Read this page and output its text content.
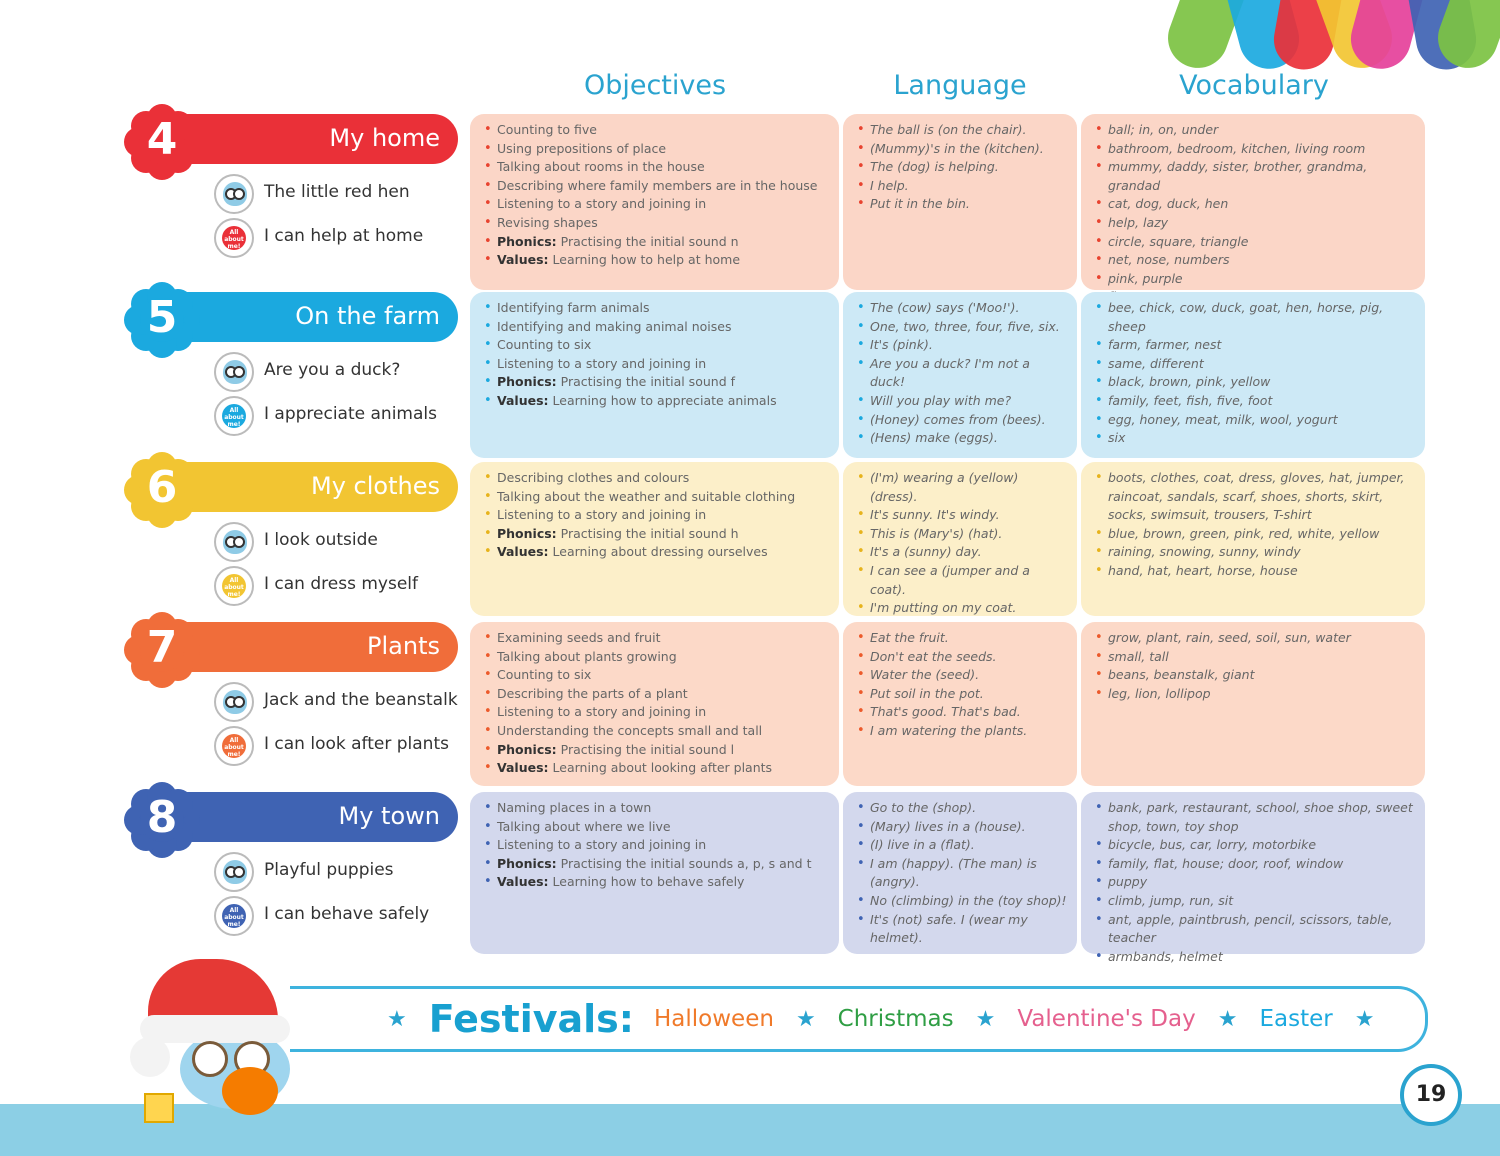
Objectives	Language	Vocabulary
My home
4
The little red hen
All about me!
I can help at home
On the farm
5
Are you a duck?
All about me!
I appreciate animals
My clothes
6
I look outside
All about me!
I can dress myself
Plants
7
Jack and the beanstalk
All about me!
I can look after plants
My town
8
Playful puppies
All about me!
I can behave safely
★ Festivals: Halloween ★ Christmas ★ Valentine's Day ★ Easter ★
19
• Counting to five
• Using prepositions of place
• Talking about rooms in the house
• Describing where family members are in the house
• Listening to a story and joining in
• Revising shapes
• Phonics: Practising the initial sound n
• Values: Learning how to help at home
• The ball is (on the chair).
• (Mummy)'s in the (kitchen).
• The (dog) is helping.
• I help.
• Put it in the bin.
• ball; in, on, under
• bathroom, bedroom, kitchen, living room
• mummy, daddy, sister, brother, grandma, grandad
• cat, dog, duck, hen
• help, lazy
• circle, square, triangle
• net, nose, numbers
• pink, purple
•
• Identifying farm animals
• Identifying and making animal noises
• Counting to six
• Listening to a story and joining in
• Phonics: Practising the initial sound f
• Values: Learning how to appreciate animals
• The (cow) says ('Moo!').
• One, two, three, four, five, six.
• It's (pink).
• Are you a duck? I'm not a duck!
• Will you play with me?
• (Honey) comes from (bees).
• (Hens) make (eggs).
• bee, chick, cow, duck, goat, hen, horse, pig, sheep
• farm, farmer, nest
• same, different
• black, brown, pink, yellow
• family, feet, fish, five, foot
• egg, honey, meat, milk, wool, yogurt
• six
• Describing clothes and colours
• Talking about the weather and suitable clothing
• Listening to a story and joining in
• Phonics: Practising the initial sound h
• Values: Learning about dressing ourselves
• (I'm) wearing a (yellow) (dress).
• It's sunny. It's windy.
• This is (Mary's) (hat).
• It's a (sunny) day.
• I can see a (jumper and a coat).
• I'm putting on my coat.
• boots, clothes, coat, dress, gloves, hat, jumper, raincoat, sandals, scarf, shoes, shorts, skirt, socks, swimsuit, trousers, T-shirt
• blue, brown, green, pink, red, white, yellow
• raining, snowing, sunny, windy
• hand, hat, heart, horse, house
• Examining seeds and fruit
• Talking about plants growing
• Counting to six
• Describing the parts of a plant
• Listening to a story and joining in
• Understanding the concepts small and tall
• Phonics: Practising the initial sound l
• Values: Learning about looking after plants
• Eat the fruit.
• Don't eat the seeds.
• Water the (seed).
• Put soil in the pot.
• That's good. That's bad.
• I am watering the plants.
• grow, plant, rain, seed, soil, sun, water
• small, tall
• beans, beanstalk, giant
• leg, lion, lollipop
• Naming places in a town
• Talking about where we live
• Listening to a story and joining in
• Phonics: Practising the initial sounds a, p, s and t
• Values: Learning how to behave safely
• Go to the (shop).
• (Mary) lives in a (house).
• (I) live in a (flat).
• I am (happy). (The man) is (angry).
• No (climbing) in the (toy shop)!
• It's (not) safe. I (wear my helmet).
• bank, park, restaurant, school, shoe shop, sweet shop, town, toy shop
• bicycle, bus, car, lorry, motorbike
• family, flat, house; door, roof, window
• puppy
• climb, jump, run, sit
• ant, apple, paintbrush, pencil, scissors, table, teacher
• armbands, helmet
